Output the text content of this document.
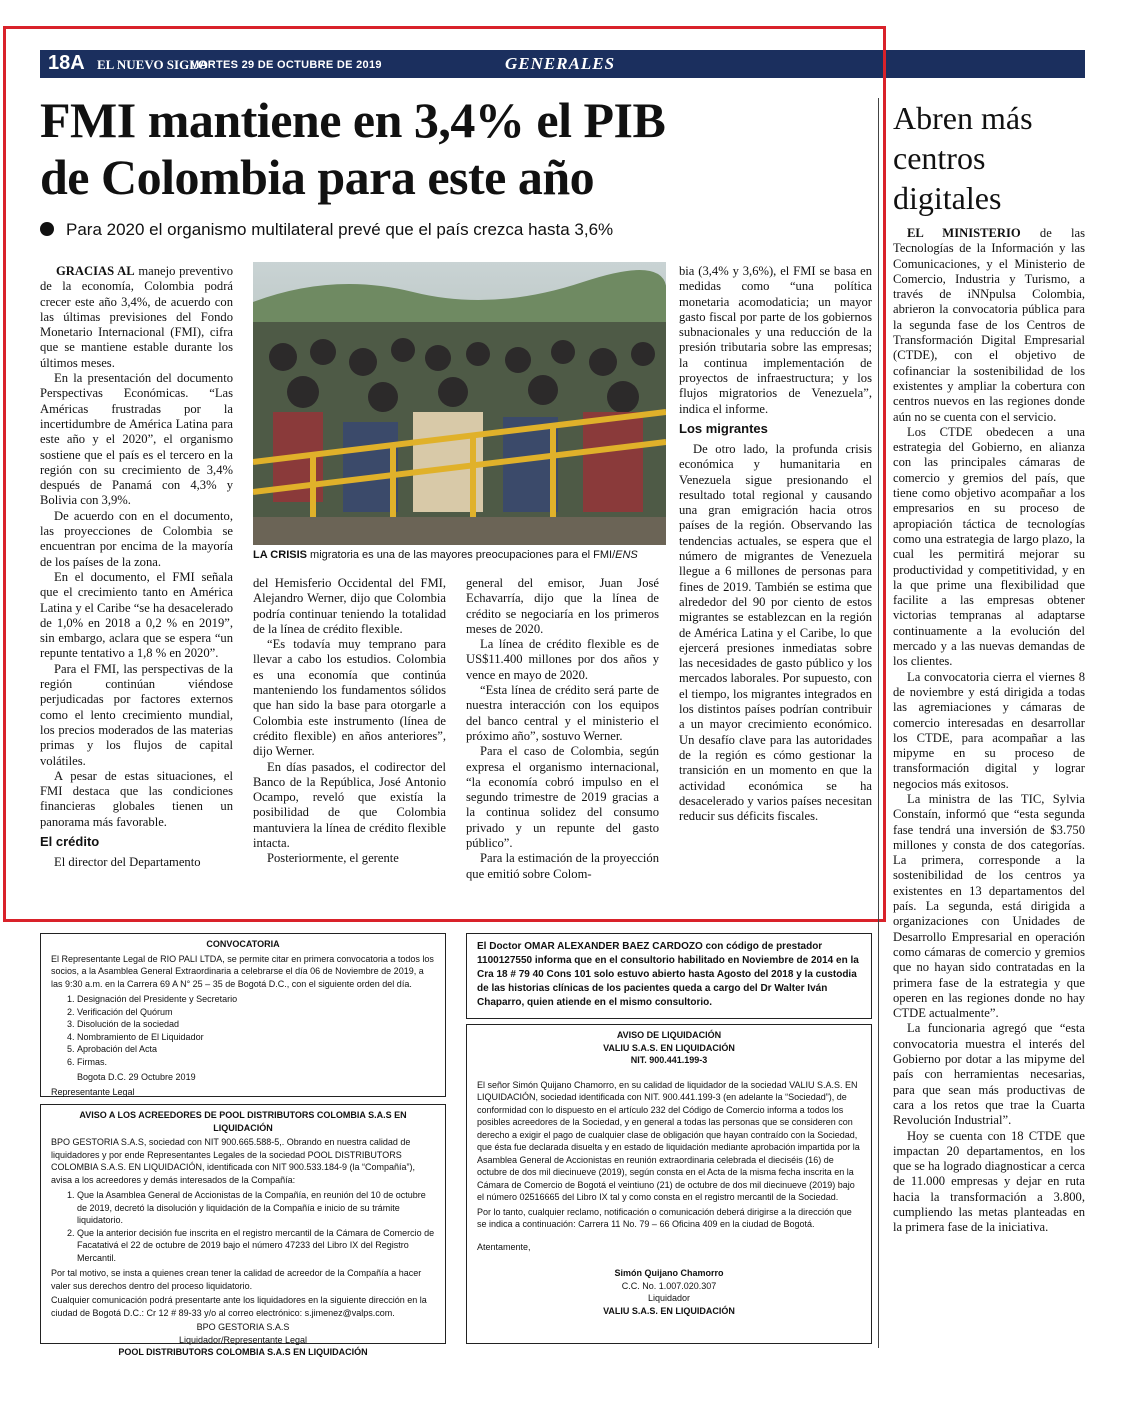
18A EL NUEVO SIGLO
MARTES 29 DE OCTUBRE DE 2019	GENERALES
FMI mantiene en 3,4% el PIB
de Colombia para este año
Para 2020 el organismo multilateral prevé que el país crezca hasta 3,6%

GRACIAS AL manejo preventivo de la economía, Colombia podrá crecer este año 3,4%, de acuerdo con las últimas previsiones del Fondo Monetario Internacional (FMI), cifra que se mantiene estable durante los últimos meses.

En la presentación del documento Perspectivas Económicas. “Las Américas frustradas por la incertidumbre de América Latina para este año y el 2020”, el organismo sostiene que el país es el tercero en la región con su crecimiento de 3,4% después de Panamá con 4,3% y Bolivia con 3,9%.

De acuerdo con en el documento, las proyecciones de Colombia se encuentran por encima de la mayoría de los países de la zona.

En el documento, el FMI señala que el crecimiento tanto en América Latina y el Caribe “se ha desacelerado de 1,0% en 2018 a 0,2 % en 2019”, sin embargo, aclara que se espera “un repunte tentativo a 1,8 % en 2020”.

Para el FMI, las perspectivas de la región continúan viéndose perjudicadas por factores externos como el lento crecimiento mundial, los precios moderados de las materias primas y los flujos de capital volátiles.

A pesar de estas situaciones, el FMI destaca que las condiciones financieras globales tienen un panorama más favorable.

El crédito

El director del Departamento

LA CRISIS migratoria es una de las mayores preocupaciones para el FMI/ENS

del Hemisferio Occidental del FMI, Alejandro Werner, dijo que Colombia podría continuar teniendo la totalidad de la línea de crédito flexible.

“Es todavía muy temprano para llevar a cabo los estudios. Colombia es una economía que continúa manteniendo los fundamentos sólidos que han sido la base para otorgarle a Colombia este instrumento (línea de crédito flexible) en años anteriores”, dijo Werner.

En días pasados, el codirector del Banco de la República, José Antonio Ocampo, reveló que existía la posibilidad de que Colombia mantuviera la línea de crédito flexible intacta.

Posteriormente, el gerente

general del emisor, Juan José Echavarría, dijo que la línea de crédito se negociaría en los primeros meses de 2020.

La línea de crédito flexible es de US$11.400 millones por dos años y vence en mayo de 2020.

“Esta línea de crédito será parte de nuestra interacción con los equipos del banco central y el ministerio el próximo año”, sostuvo Werner.

Para el caso de Colombia, según expresa el organismo internacional, “la economía cobró impulso en el segundo trimestre de 2019 gracias a la continua solidez del consumo privado y un repunte del gasto público”.

Para la estimación de la proyección que emitió sobre Colom-

bia (3,4% y 3,6%), el FMI se basa en medidas como “una política monetaria acomodaticia; un mayor gasto fiscal por parte de los gobiernos subnacionales y una reducción de la presión tributaria sobre las empresas; la continua implementación de proyectos de infraestructura; y los flujos migratorios de Venezuela”, indica el informe.

Los migrantes

De otro lado, la profunda crisis económica y humanitaria en Venezuela sigue presionando el resultado total regional y causando una gran emigración hacia otros países de la región. Observando las tendencias actuales, se espera que el número de migrantes de Venezuela llegue a 6 millones de personas para fines de 2019. También se estima que alrededor del 90 por ciento de estos migrantes se establezcan en la región de América Latina y el Caribe, lo que ejercerá presiones inmediatas sobre las necesidades de gasto público y los mercados laborales. Por supuesto, con el tiempo, los migrantes integrados en los distintos países podrían contribuir a un mayor crecimiento económico. Un desafío clave para las autoridades de la región es cómo gestionar la transición en un momento en que la actividad económica se ha desacelerado y varios países necesitan reducir sus déficits fiscales.

Abren más centros digitales

EL MINISTERIO de las Tecnologías de la Información y las Comunicaciones, y el Ministerio de Comercio, Industria y Turismo, a través de iNNpulsa Colombia, abrieron la convocatoria pública para la segunda fase de los Centros de Transformación Digital Empresarial (CTDE), con el objetivo de cofinanciar la sostenibilidad de los existentes y ampliar la cobertura con centros nuevos en las regiones donde aún no se cuenta con el servicio.

Los CTDE obedecen a una estrategia del Gobierno, en alianza con las principales cámaras de comercio y gremios del país, que tiene como objetivo acompañar a los empresarios en su proceso de apropiación táctica de tecnologías como una estrategia de largo plazo, la cual les permitirá mejorar su productividad y competitividad, y en la que prime una flexibilidad que facilite a las empresas obtener victorias tempranas al adaptarse continuamente a la evolución del mercado y a las nuevas demandas de los clientes.

La convocatoria cierra el viernes 8 de noviembre y está dirigida a todas las agremiaciones y cámaras de comercio interesadas en desarrollar los CTDE, para acompañar a las mipyme en su proceso de transformación digital y lograr negocios más exitosos.

La ministra de las TIC, Sylvia Constaín, informó que “esta segunda fase tendrá una inversión de $3.750 millones y consta de dos categorías. La primera, corresponde a la sostenibilidad de los centros ya existentes en 13 departamentos del país. La segunda, está dirigida a organizaciones con Unidades de Desarrollo Empresarial en operación como cámaras de comercio y gremios que no hayan sido contratadas en la primera fase de la estrategia y que operen en las regiones donde no hay CTDE actualmente”.

La funcionaria agregó que “esta convocatoria muestra el interés del Gobierno por dotar a las mipyme del país con herramientas necesarias, para que sean más productivas de cara a los retos que trae la Cuarta Revolución Industrial”.

Hoy se cuenta con 18 CTDE que impactan 20 departamentos, en los que se ha logrado diagnosticar a cerca de 11.000 empresas y dejar en ruta hacia la transformación a 3.800, cumpliendo las metas planteadas en la primera fase de la iniciativa.

CONVOCATORIA

El Representante Legal de RIO PALI LTDA, se permite citar en primera convocatoria a todos los socios, a la Asamblea General Extraordinaria a celebrarse el día 06 de Noviembre de 2019, a las 9:30 a.m. en la Carrera 69 A N° 25 – 35 de Bogotá D.C., con el siguiente orden del día.

1. Designación del Presidente y Secretario
2. Verificación del Quórum
3. Disolución de la sociedad
4. Nombramiento de El Liquidador
5. Aprobación del Acta
6. Firmas.

Bogota D.C. 29 Octubre 2019

Representante Legal

AVISO A LOS ACREEDORES DE POOL DISTRIBUTORS COLOMBIA S.A.S EN LIQUIDACIÓN

BPO GESTORIA S.A.S, sociedad con NIT 900.665.588-5,. Obrando en nuestra calidad de liquidadores y por ende Representantes Legales de la sociedad POOL DISTRIBUTORS COLOMBIA S.A.S. EN LIQUIDACIÓN, identificada con NIT 900.533.184-9 (la “Compañía”), avisa a los acreedores y demás interesados de la Compañía:

1. Que la Asamblea General de Accionistas de la Compañía, en reunión del 10 de octubre de 2019, decretó la disolución y liquidación de la Compañía e inicio de su trámite liquidatorio.
2. Que la anterior decisión fue inscrita en el registro mercantil de la Cámara de Comercio de Facatativá el 22 de octubre de 2019 bajo el número 47233 del Libro IX del Registro Mercantil.

Por tal motivo, se insta a quienes crean tener la calidad de acreedor de la Compañía a hacer valer sus derechos dentro del proceso liquidatorio.

Cualquier comunicación podrá presentarte ante los liquidadores en la siguiente dirección en la ciudad de Bogotá D.C.: Cr 12 # 89-33 y/o al correo electrónico: s.jimenez@valps.com.

BPO GESTORIA S.A.S
Liquidador/Representante Legal
POOL DISTRIBUTORS COLOMBIA S.A.S EN LIQUIDACIÓN

El Doctor OMAR ALEXANDER BAEZ CARDOZO con código de prestador 1100127550 informa que en el consultorio habilitado en Noviembre de 2014 en la Cra 18 # 79 40 Cons 101 solo estuvo abierto hasta Agosto del 2018 y la custodia de las historias clínicas de los pacientes queda a cargo del Dr Walter Iván Chaparro, quien atiende en el mismo consultorio.

AVISO DE LIQUIDACIÓN
VALIU S.A.S. EN LIQUIDACIÓN
NIT. 900.441.199-3

El señor Simón Quijano Chamorro, en su calidad de liquidador de la sociedad VALIU S.A.S. EN LIQUIDACIÓN, sociedad identificada con NIT. 900.441.199-3 (en adelante la “Sociedad”), de conformidad con lo dispuesto en el artículo 232 del Código de Comercio informa a todos los posibles acreedores de la Sociedad, y en general a todas las personas que se consideren con derecho a exigir el pago de cualquier clase de obligación que hayan contraído con la Sociedad, que ésta fue declarada disuelta y en estado de liquidación mediante aprobación impartida por la Asamblea General de Accionistas en reunión extraordinaria celebrada el dieciséis (16) de octubre de dos mil diecinueve (2019), según consta en el Acta de la misma fecha inscrita en la Cámara de Comercio de Bogotá el veintiuno (21) de octubre de dos mil diecinueve (2019) bajo el número 02516665 del Libro IX tal y como consta en el registro mercantil de la Sociedad.

Por lo tanto, cualquier reclamo, notificación o comunicación deberá dirigirse a la dirección que se indica a continuación: Carrera 11 No. 79 – 66 Oficina 409 en la ciudad de Bogotá.

Atentamente,

Simón Quijano Chamorro
C.C. No. 1.007.020.307
Liquidador
VALIU S.A.S. EN LIQUIDACIÓN
